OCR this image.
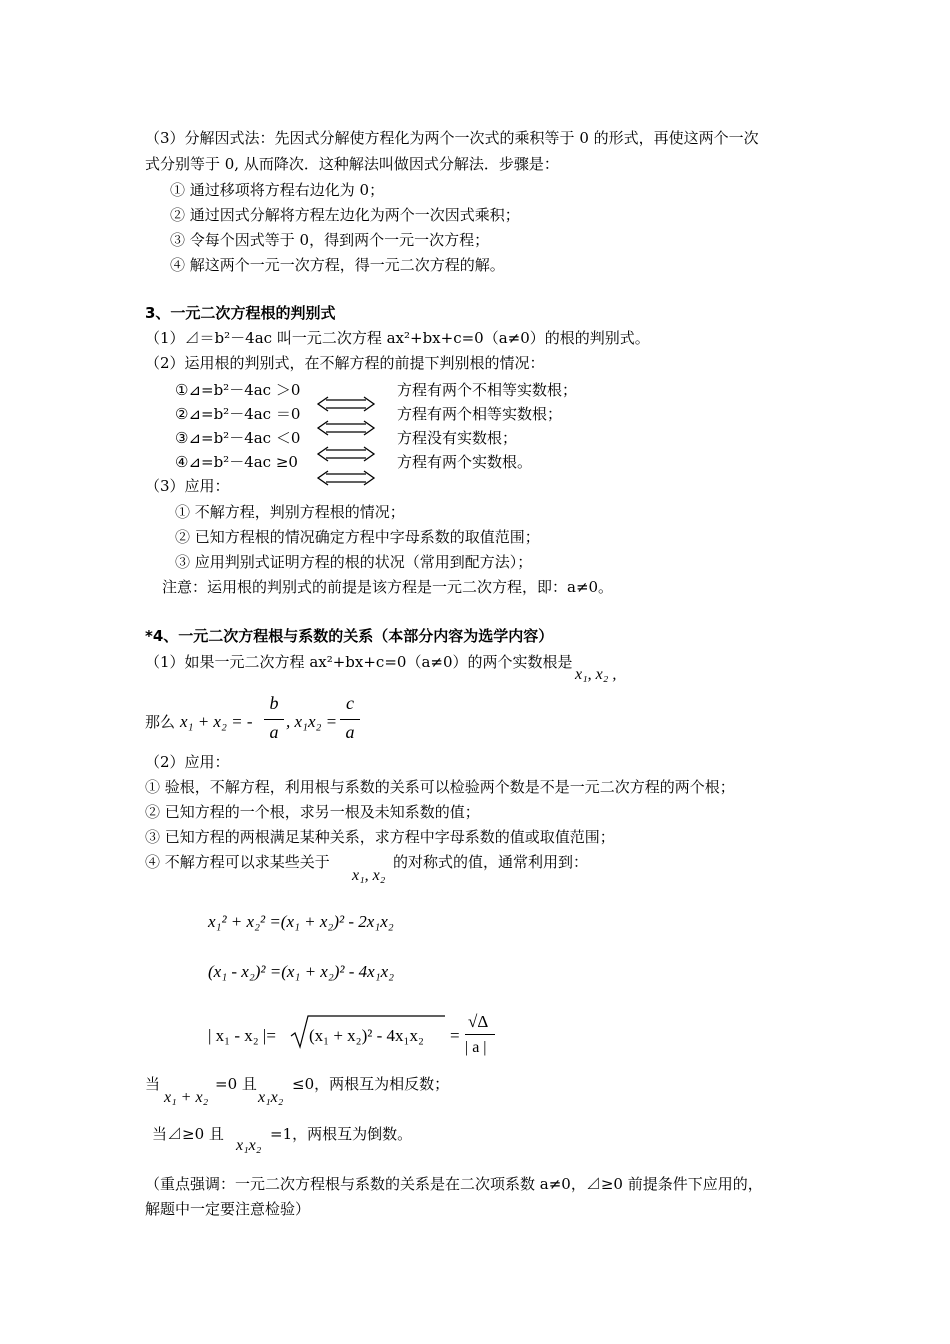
（3）分解因式法：先因式分解使方程化为两个一次式的乘积等于 0 的形式，再使这两个一次
式分别等于 0, 从而降次．这种解法叫做因式分解法．步骤是：
① 通过移项将方程右边化为 0；
② 通过因式分解将方程左边化为两个一次因式乘积；
③ 令每个因式等于 0，得到两个一元一次方程；
④ 解这两个一元一次方程，得一元二次方程的解。
3、一元二次方程根的判别式
（1）⊿＝b²－4ac 叫一元二次方程 ax²+bx+c=0（a≠0）的根的判别式。
（2）运用根的判别式，在不解方程的前提下判别根的情况：
①⊿=b²－4ac ＞0	方程有两个不相等实数根；
②⊿=b²－4ac ＝0	方程有两个相等实数根；
③⊿=b²－4ac ＜0	方程没有实数根；
④⊿=b²－4ac ≥0	方程有两个实数根。
（3）应用：
① 不解方程，判别方程根的情况；
② 已知方程根的情况确定方程中字母系数的取值范围；
③ 应用判别式证明方程的根的状况（常用到配方法）；
注意：运用根的判别式的前提是该方程是一元二次方程，即：a≠0。
*4、一元二次方程根与系数的关系（本部分内容为选学内容）
（1）如果一元二次方程 ax²+bx+c=0（a≠0）的两个实数根是
x₁, x₂ ,
那么 x₁ + x₂ = -
b
a
, x₁x₂ =
c
a
（2）应用：
① 验根，不解方程，利用根与系数的关系可以检验两个数是不是一元二次方程的两个根；
② 已知方程的一个根，求另一根及未知系数的值；
③ 已知方程的两根满足某种关系，求方程中字母系数的值或取值范围；
④ 不解方程可以求某些关于
x₁, x₂
的对称式的值，通常利用到：
x₁² + x₂² =(x₁ + x₂)² - 2x₁x₂
(x₁ - x₂)² =(x₁ + x₂)² - 4x₁x₂
| x₁ - x₂ |= (x₁ + x₂)² - 4x₁x₂ =
√Δ
| a |
当
x₁ + x₂
=0 且
x₁x₂
≤0，两根互为相反数；
当⊿≥0 且
x₁x₂
=1，两根互为倒数。
（重点强调：一元二次方程根与系数的关系是在二次项系数 a≠0，⊿≥0 前提条件下应用的，
解题中一定要注意检验）
